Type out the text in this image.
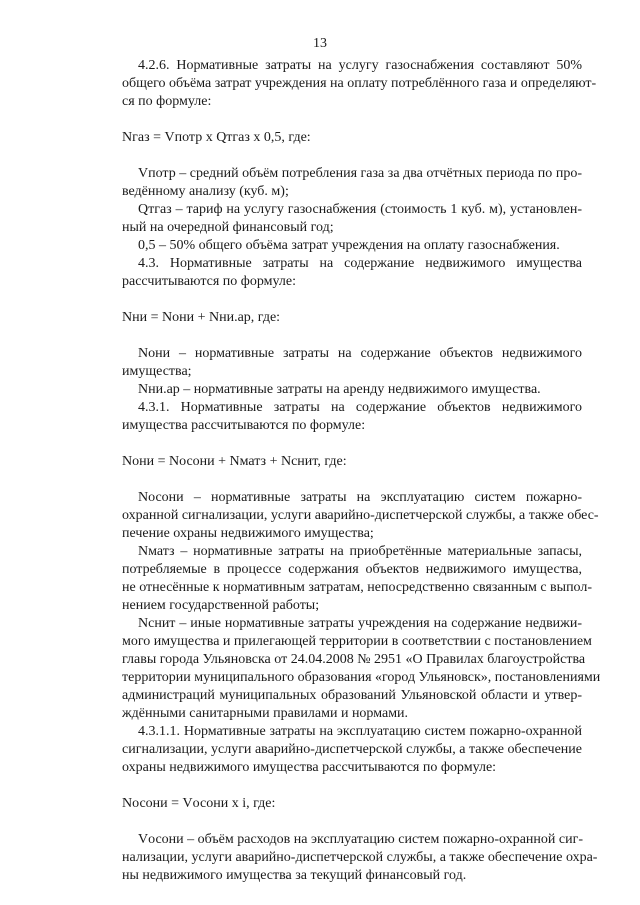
13
4.2.6. Нормативные затраты на услугу газоснабжения составляют 50%
общего объёма затрат учреждения на оплату потреблённого газа и определяют-
ся по формуле:
Nгаз = Vпотр x Qтгаз x 0,5, где:
Vпотр – средний объём потребления газа за два отчётных периода по про-
ведённому анализу (куб. м);
Qтгаз – тариф на услугу газоснабжения (стоимость 1 куб. м), установлен-
ный на очередной финансовый год;
0,5 – 50% общего объёма затрат учреждения на оплату газоснабжения.
4.3. Нормативные затраты на содержание недвижимого имущества
рассчитываются по формуле:
Nни = Nони + Nни.ар, где:
Nони – нормативные затраты на содержание объектов недвижимого
имущества;
Nни.ар – нормативные затраты на аренду недвижимого имущества.
4.3.1. Нормативные затраты на содержание объектов недвижимого
имущества рассчитываются по формуле:
Nони = Nосони + Nматз + Nснит, где:
Nосони – нормативные затраты на эксплуатацию систем пожарно-
охранной сигнализации, услуги аварийно-диспетчерской службы, а также обес-
печение охраны недвижимого имущества;
Nматз – нормативные затраты на приобретённые материальные запасы,
потребляемые в процессе содержания объектов недвижимого имущества,
не отнесённые к нормативным затратам, непосредственно связанным с выпол-
нением государственной работы;
Nснит – иные нормативные затраты учреждения на содержание недвижи-
мого имущества и прилегающей территории в соответствии с постановлением
главы города Ульяновска от 24.04.2008 № 2951 «О Правилах благоустройства
территории муниципального образования «город Ульяновск», постановлениями
администраций муниципальных образований Ульяновской области и утвер-
ждёнными санитарными правилами и нормами.
4.3.1.1. Нормативные затраты на эксплуатацию систем пожарно-охранной
сигнализации, услуги аварийно-диспетчерской службы, а также обеспечение
охраны недвижимого имущества рассчитываются по формуле:
Nосони = Vосони x i, где:
Vосони – объём расходов на эксплуатацию систем пожарно-охранной сиг-
нализации, услуги аварийно-диспетчерской службы, а также обеспечение охра-
ны недвижимого имущества за текущий финансовый год.
